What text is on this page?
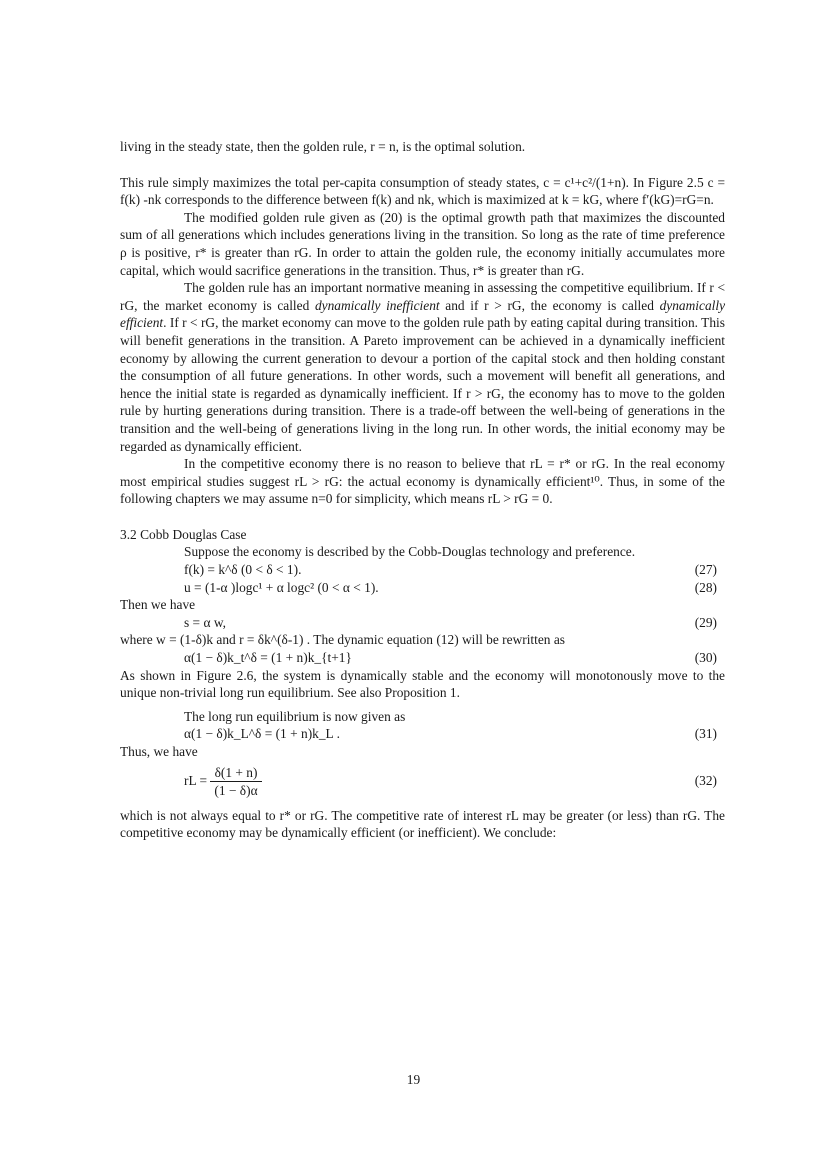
living in the steady state, then the golden rule, r = n, is the optimal solution.

This rule simply maximizes the total per-capita consumption of steady states, c = c¹+c²/(1+n). In Figure 2.5 c = f(k) -nk corresponds to the difference between f(k) and nk, which is maximized at k = kG, where f′(kG)=rG=n.

The modified golden rule given as (20) is the optimal growth path that maximizes the discounted sum of all generations which includes generations living in the transition. So long as the rate of time preference ρ is positive, r* is greater than rG. In order to attain the golden rule, the economy initially accumulates more capital, which would sacrifice generations in the transition. Thus, r* is greater than rG.

The golden rule has an important normative meaning in assessing the competitive equilibrium. If r < rG, the market economy is called dynamically inefficient and if r > rG, the economy is called dynamically efficient. If r < rG, the market economy can move to the golden rule path by eating capital during transition. This will benefit generations in the transition. A Pareto improvement can be achieved in a dynamically inefficient economy by allowing the current generation to devour a portion of the capital stock and then holding constant the consumption of all future generations. In other words, such a movement will benefit all generations, and hence the initial state is regarded as dynamically inefficient. If r > rG, the economy has to move to the golden rule by hurting generations during transition. There is a trade-off between the well-being of generations in the transition and the well-being of generations living in the long run. In other words, the initial economy may be regarded as dynamically efficient.

In the competitive economy there is no reason to believe that rL = r* or rG. In the real economy most empirical studies suggest rL > rG: the actual economy is dynamically efficient¹⁰. Thus, in some of the following chapters we may assume n=0 for simplicity, which means rL > rG = 0.

3.2 Cobb Douglas Case

Suppose the economy is described by the Cobb-Douglas technology and preference.

f(k) = k^δ (0 < δ < 1).	(27)
u = (1-α )logc¹ + α logc² (0 < α < 1).	(28)

Then we have

s = α w,	(29)

where w = (1-δ)k and r = δk^(δ-1) . The dynamic equation (12) will be rewritten as

α(1 − δ)k_t^δ = (1 + n)k_{t+1}	(30)

As shown in Figure 2.6, the system is dynamically stable and the economy will monotonously move to the unique non-trivial long run equilibrium. See also Proposition 1.

The long run equilibrium is now given as

α(1 − δ)k_L^δ = (1 + n)k_L .	(31)

Thus, we have

rL = $\frac{\delta(1 + n)}{(1 - \delta)\alpha}$	(32)

which is not always equal to r* or rG. The competitive rate of interest rL may be greater (or less) than rG. The competitive economy may be dynamically efficient (or inefficient). We conclude:

19
